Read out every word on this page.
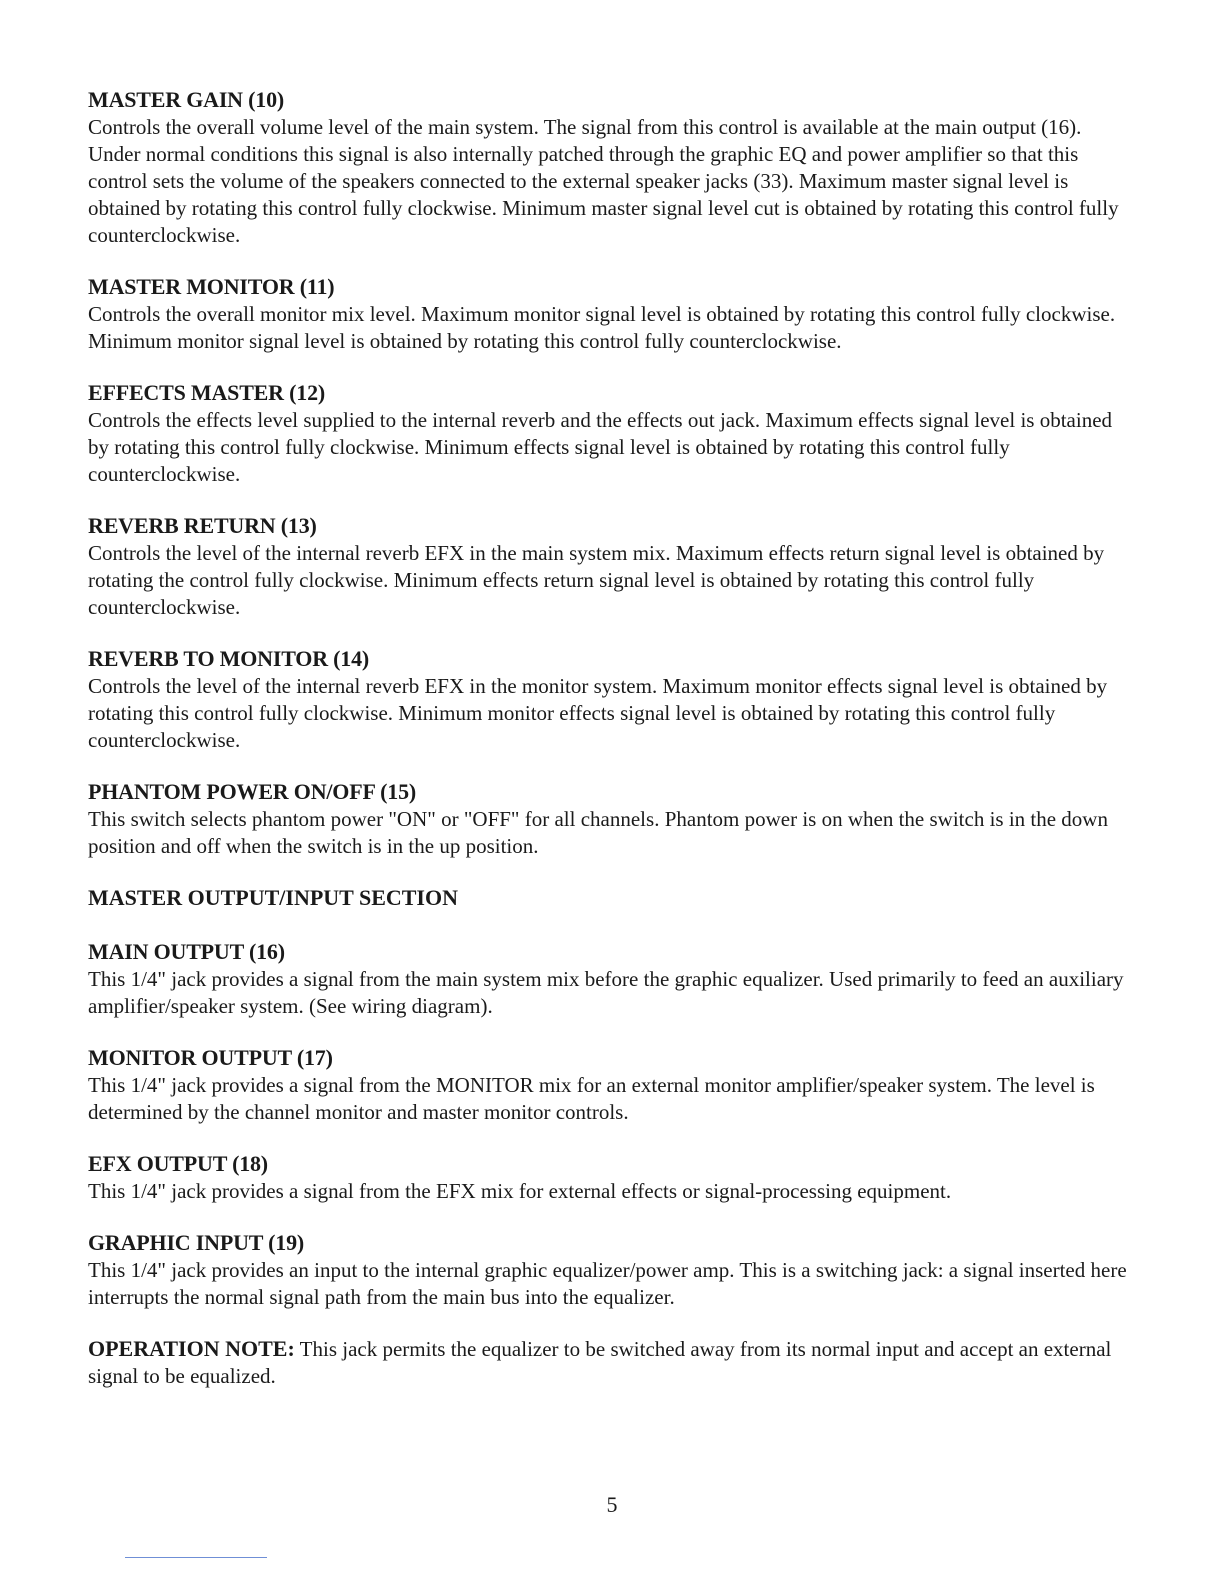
MASTER GAIN (10)
Controls the overall volume level of the main system. The signal from this control is available at the main output (16). Under normal conditions this signal is also internally patched through the graphic EQ and power amplifier so that this control sets the volume of the speakers connected to the external speaker jacks (33). Maximum master signal level is obtained by rotating this control fully clockwise. Minimum master signal level cut is obtained by rotating this control fully counterclockwise.
MASTER MONITOR (11)
Controls the overall monitor mix level. Maximum monitor signal level is obtained by rotating this control fully clockwise. Minimum monitor signal level is obtained by rotating this control fully counterclockwise.
EFFECTS MASTER (12)
Controls the effects level supplied to the internal reverb and the effects out jack. Maximum effects signal level is obtained by rotating this control fully clockwise. Minimum effects signal level is obtained by rotating this control fully counterclockwise.
REVERB RETURN (13)
Controls the level of the internal reverb EFX in the main system mix. Maximum effects return signal level is obtained by rotating the control fully clockwise. Minimum effects return signal level is obtained by rotating this control fully counterclockwise.
REVERB TO MONITOR (14)
Controls the level of the internal reverb EFX in the monitor system. Maximum monitor effects signal level is obtained by rotating this control fully clockwise. Minimum monitor effects signal level is obtained by rotating this control fully counterclockwise.
PHANTOM POWER ON/OFF (15)
This switch selects phantom power "ON" or "OFF" for all channels. Phantom power is on when the switch is in the down position and off when the switch is in the up position.
MASTER OUTPUT/INPUT SECTION
MAIN OUTPUT (16)
This 1/4" jack provides a signal from the main system mix before the graphic equalizer. Used primarily to feed an auxiliary amplifier/speaker system. (See wiring diagram).
MONITOR OUTPUT (17)
This 1/4" jack provides a signal from the MONITOR mix for an external monitor amplifier/speaker system. The level is determined by the channel monitor and master monitor controls.
EFX OUTPUT (18)
This 1/4" jack provides a signal from the EFX mix for external effects or signal-processing equipment.
GRAPHIC INPUT (19)
This 1/4" jack provides an input to the internal graphic equalizer/power amp. This is a switching jack: a signal inserted here interrupts the normal signal path from the main bus into the equalizer.
OPERATION NOTE: This jack permits the equalizer to be switched away from its normal input and accept an external signal to be equalized.
5
